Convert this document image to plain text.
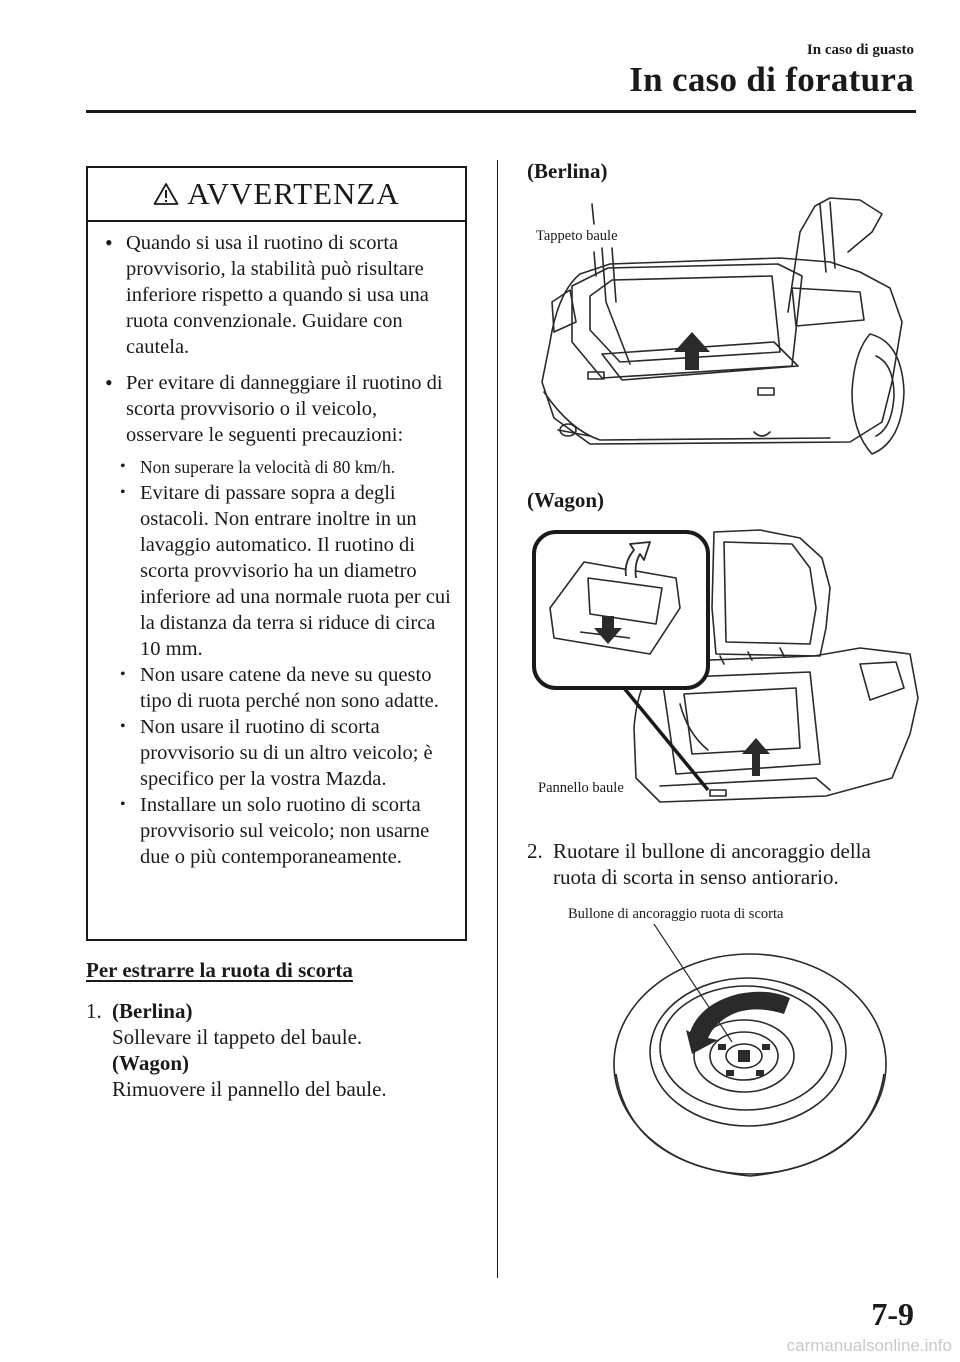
In caso di guasto
In caso di foratura
AVVERTENZA
• Quando si usa il ruotino di scorta provvisorio, la stabilità può risultare inferiore rispetto a quando si usa una ruota convenzionale. Guidare con cautela.
• Per evitare di danneggiare il ruotino di scorta provvisorio o il veicolo, osservare le seguenti precauzioni:
• Non superare la velocità di 80 km/h.
• Evitare di passare sopra a degli ostacoli. Non entrare inoltre in un lavaggio automatico. Il ruotino di scorta provvisorio ha un diametro inferiore ad una normale ruota per cui la distanza da terra si riduce di circa 10 mm.
• Non usare catene da neve su questo tipo di ruota perché non sono adatte.
• Non usare il ruotino di scorta provvisorio su di un altro veicolo; è specifico per la vostra Mazda.
• Installare un solo ruotino di scorta provvisorio sul veicolo; non usarne due o più contemporaneamente.
Per estrarre la ruota di scorta
1. (Berlina)
Sollevare il tappeto del baule.
(Wagon)
Rimuovere il pannello del baule.
(Berlina)
Tappeto baule
(Wagon)
Pannello baule
2. Ruotare il bullone di ancoraggio della
ruota di scorta in senso antiorario.
Bullone di ancoraggio ruota di scorta
7-9
carmanualsonline.info
